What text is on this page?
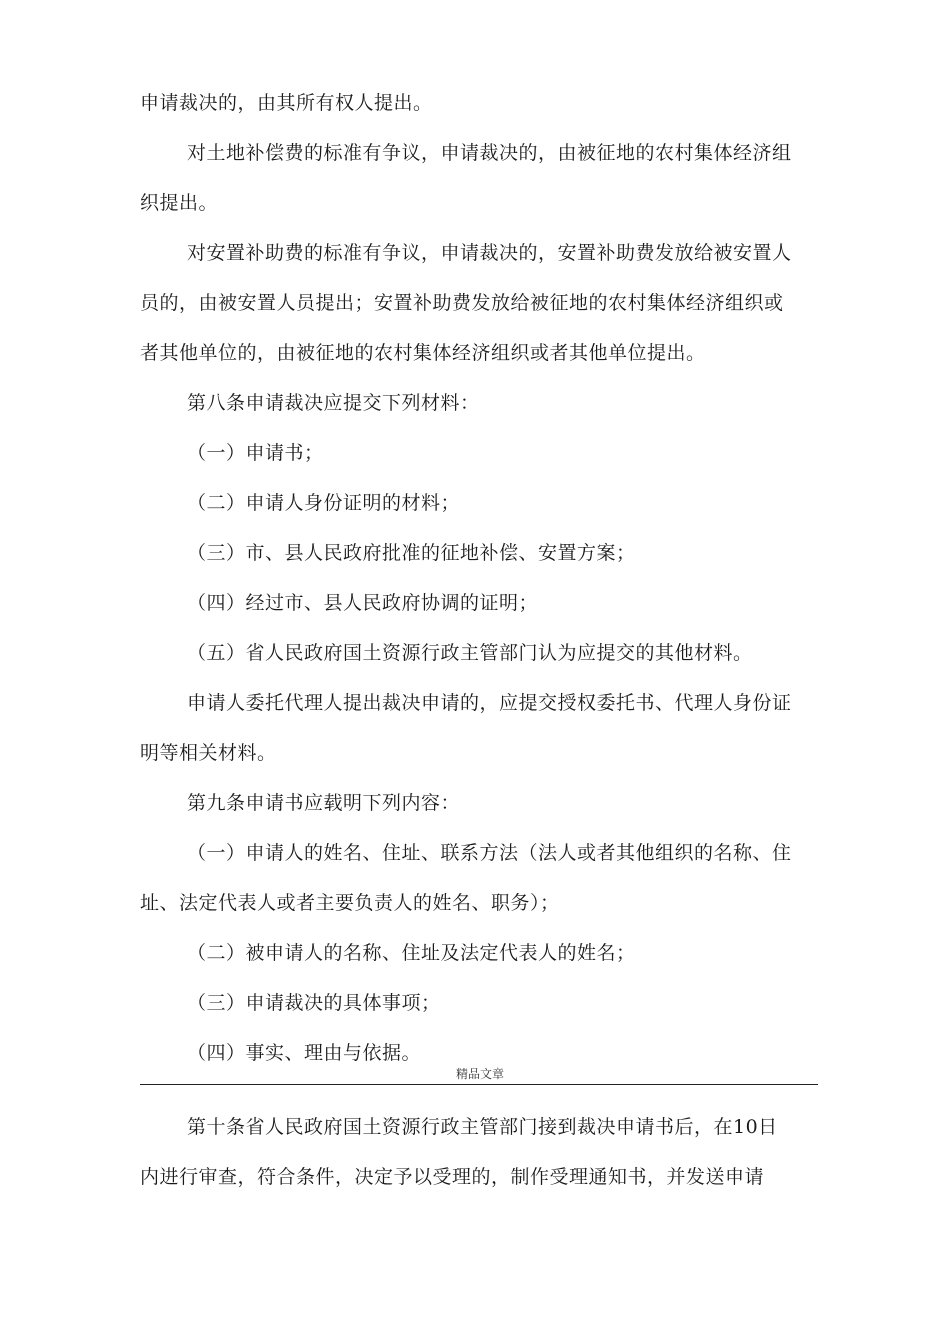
申请裁决的，由其所有权人提出。

对土地补偿费的标准有争议，申请裁决的，由被征地的农村集体经济组

织提出。

对安置补助费的标准有争议，申请裁决的，安置补助费发放给被安置人

员的，由被安置人员提出；安置补助费发放给被征地的农村集体经济组织或

者其他单位的，由被征地的农村集体经济组织或者其他单位提出。

第八条申请裁决应提交下列材料：

（一）申请书；

（二）申请人身份证明的材料；

（三）市、县人民政府批准的征地补偿、安置方案；

（四）经过市、县人民政府协调的证明；

（五）省人民政府国土资源行政主管部门认为应提交的其他材料。

申请人委托代理人提出裁决申请的，应提交授权委托书、代理人身份证

明等相关材料。

第九条申请书应载明下列内容：

（一）申请人的姓名、住址、联系方法（法人或者其他组织的名称、住

址、法定代表人或者主要负责人的姓名、职务）；

（二）被申请人的名称、住址及法定代表人的姓名；

（三）申请裁决的具体事项；

（四）事实、理由与依据。

精品文章

第十条省人民政府国土资源行政主管部门接到裁决申请书后，在10日

内进行审查，符合条件，决定予以受理的，制作受理通知书，并发送申请
